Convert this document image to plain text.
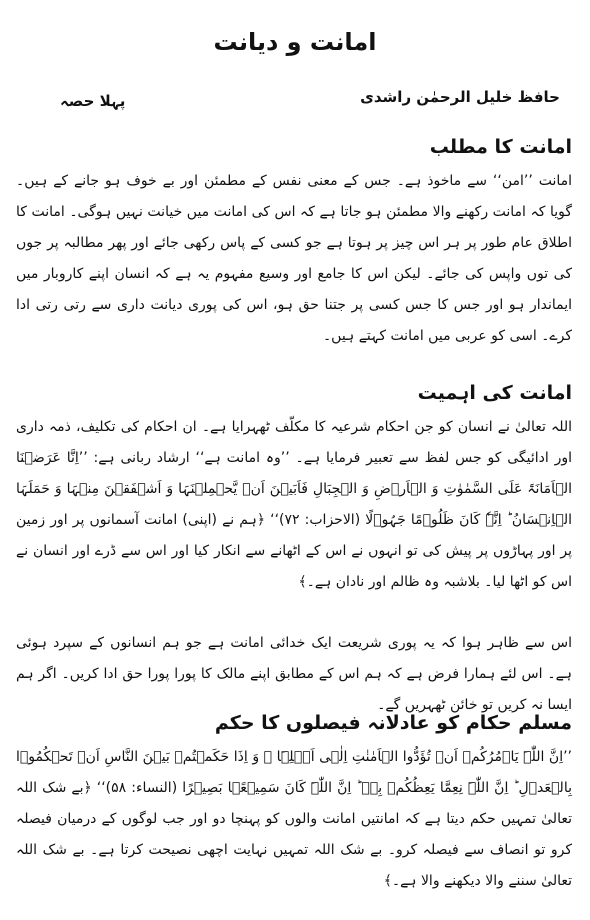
امانت و دیانت
حافظ خلیل الرحمٰن راشدی
پہلا حصہ
امانت کا مطلب
امانت ’’امن‘‘ سے ماخوذ ہے۔ جس کے معنی نفس کے مطمئن اور بے خوف ہو جانے کے ہیں۔ گویا کہ امانت رکھنے والا مطمئن ہو جاتا ہے کہ اس کی امانت میں خیانت نہیں ہوگی۔ امانت کا اطلاق عام طور پر ہر اس چیز پر ہوتا ہے جو کسی کے پاس رکھی جائے اور پھر مطالبہ پر جوں کی توں واپس کی جائے۔ لیکن اس کا جامع اور وسیع مفہوم یہ ہے کہ انسان اپنے کاروبار میں ایماندار ہو اور جس کا جس کسی پر جتنا حق ہو، اس کی پوری دیانت داری سے رتی رتی ادا کرے۔ اسی کو عربی میں امانت کہتے ہیں۔
امانت کی اہمیت
اللہ تعالیٰ نے انسان کو جن احکام شرعیہ کا مکلّف ٹھہرایا ہے۔ ان احکام کی تکلیف، ذمہ داری اور ادائیگی کو جس لفظ سے تعبیر فرمایا ہے۔ ’’وہ امانت ہے‘‘ ارشاد ربانی ہے: ’’اِنَّا عَرَضۡنَا الۡاَمَانَۃَ عَلَی السَّمٰوٰتِ وَ الۡاَرۡضِ وَ الۡجِبَالِ فَاَبَیۡنَ اَنۡ یَّحۡمِلۡنَہَا وَ اَشۡفَقۡنَ مِنۡہَا وَ حَمَلَہَا الۡاِنۡسَانُ ؕ اِنَّہٗ کَانَ ظَلُوۡمًا جَہُوۡلًا (الاحزاب: ۷۲)‘‘ ﴿ہم نے (اپنی) امانت آسمانوں پر اور زمین پر اور پہاڑوں پر پیش کی تو انہوں نے اس کے اٹھانے سے انکار کیا اور اس سے ڈرے اور انسان نے اس کو اٹھا لیا۔ بلاشبہ وہ ظالم اور نادان ہے۔﴾
اس سے ظاہر ہوا کہ یہ پوری شریعت ایک خدائی امانت ہے جو ہم انسانوں کے سپرد ہوئی ہے۔ اس لئے ہمارا فرض ہے کہ ہم اس کے مطابق اپنے مالک کا پورا پورا حق ادا کریں۔ اگر ہم ایسا نہ کریں تو خائن ٹھہریں گے۔
مسلم حکام کو عادلانہ فیصلوں کا حکم
’’اِنَّ اللّٰہَ یَاۡمُرُکُمۡ اَنۡ تُؤَدُّوا الۡاَمٰنٰتِ اِلٰۤی اَہۡلِہَا ۙ وَ اِذَا حَکَمۡتُمۡ بَیۡنَ النَّاسِ اَنۡ تَحۡکُمُوۡا بِالۡعَدۡلِ ؕ اِنَّ اللّٰہَ نِعِمَّا یَعِظُکُمۡ بِہٖ ؕ اِنَّ اللّٰہَ کَانَ سَمِیۡعًۢا بَصِیۡرًا (النساء: ۵۸)‘‘ ﴿بے شک اللہ تعالیٰ تمہیں حکم دیتا ہے کہ امانتیں امانت والوں کو پہنچا دو اور جب لوگوں کے درمیان فیصلہ کرو تو انصاف سے فیصلہ کرو۔ بے شک اللہ تمہیں نہایت اچھی نصیحت کرتا ہے۔ بے شک اللہ تعالیٰ سننے والا دیکھنے والا ہے۔﴾
